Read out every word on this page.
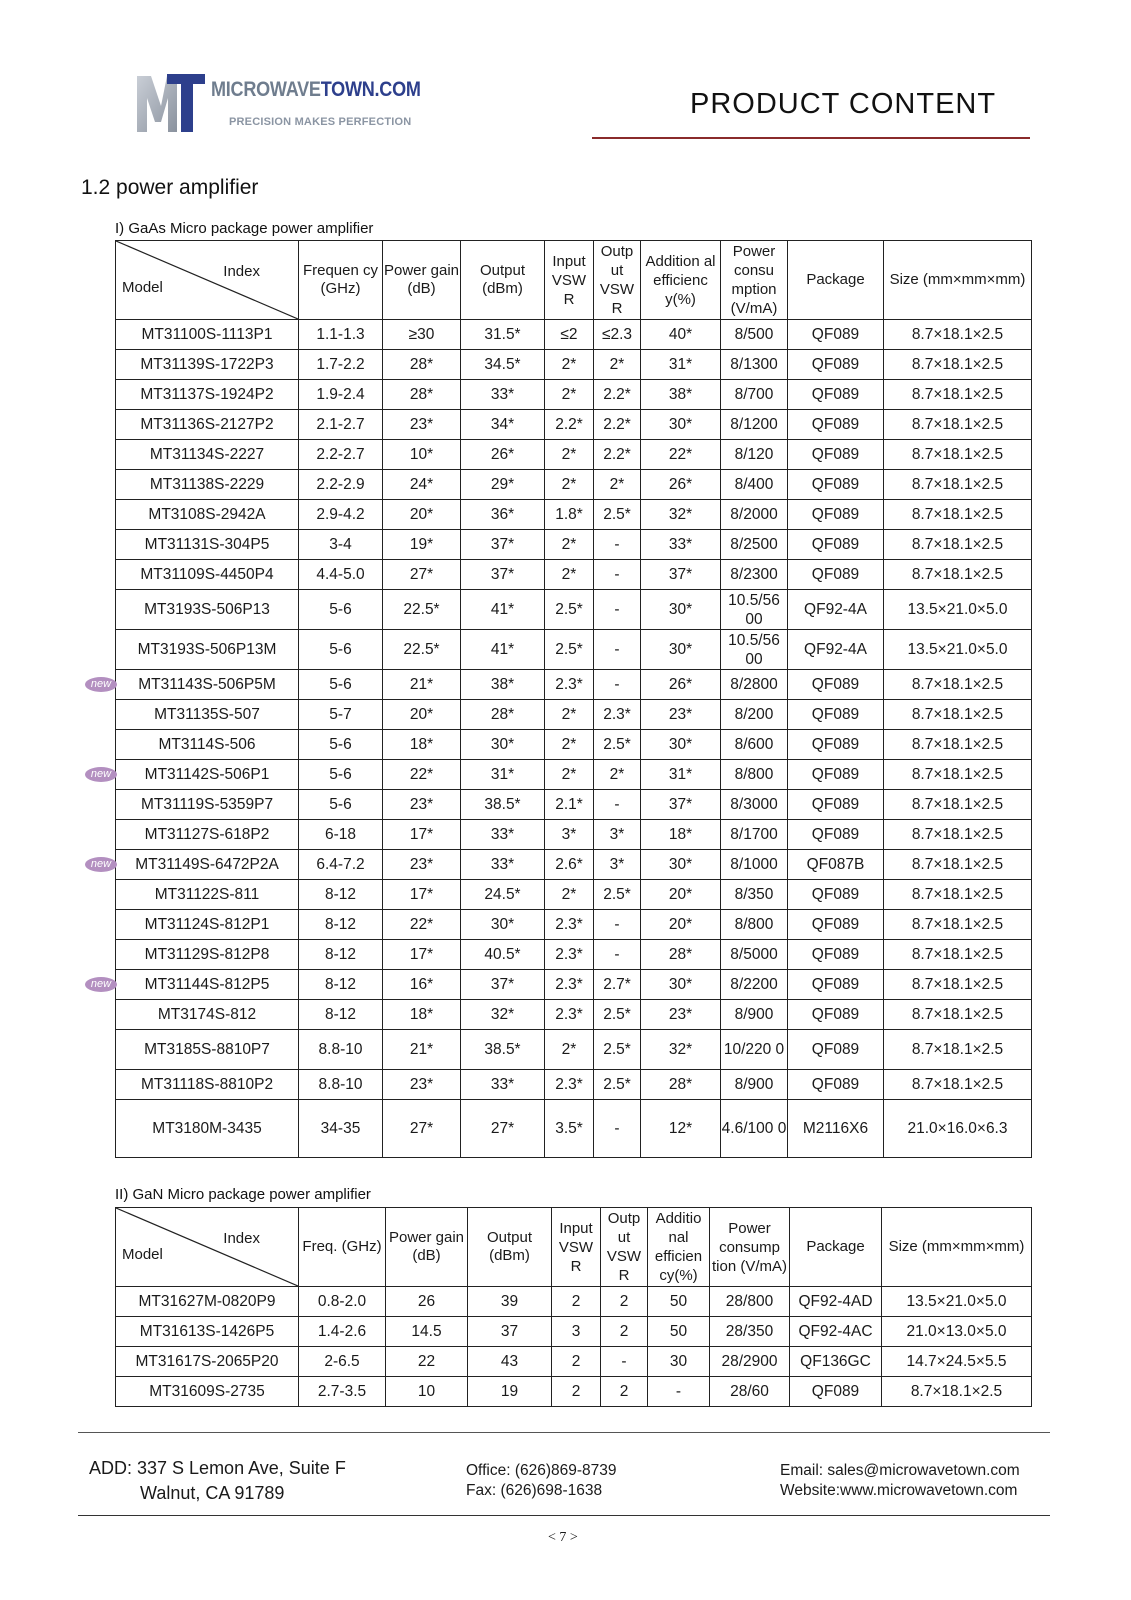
MICROWAVETOWN.COM
PRECISION MAKES PERFECTION
PRODUCT CONTENT
1.2 power amplifier
I) GaAs Micro package power amplifier
Index
Model	Frequen cy (GHz)	Power gain (dB)	Output (dBm)	Input VSW R	Outp ut VSW R	Addition al efficienc y(%)	Power consu mption (V/mA)	Package	Size (mm×mm×mm)
MT31100S-1113P1	1.1-1.3	≥30	31.5*	≤2	≤2.3	40*	8/500	QF089	8.7×18.1×2.5
MT31139S-1722P3	1.7-2.2	28*	34.5*	2*	2*	31*	8/1300	QF089	8.7×18.1×2.5
MT31137S-1924P2	1.9-2.4	28*	33*	2*	2.2*	38*	8/700	QF089	8.7×18.1×2.5
MT31136S-2127P2	2.1-2.7	23*	34*	2.2*	2.2*	30*	8/1200	QF089	8.7×18.1×2.5
MT31134S-2227	2.2-2.7	10*	26*	2*	2.2*	22*	8/120	QF089	8.7×18.1×2.5
MT31138S-2229	2.2-2.9	24*	29*	2*	2*	26*	8/400	QF089	8.7×18.1×2.5
MT3108S-2942A	2.9-4.2	20*	36*	1.8*	2.5*	32*	8/2000	QF089	8.7×18.1×2.5
MT31131S-304P5	3-4	19*	37*	2*	-	33*	8/2500	QF089	8.7×18.1×2.5
MT31109S-4450P4	4.4-5.0	27*	37*	2*	-	37*	8/2300	QF089	8.7×18.1×2.5
MT3193S-506P13	5-6	22.5*	41*	2.5*	-	30*	10.5/56 00	QF92-4A	13.5×21.0×5.0
MT3193S-506P13M	5-6	22.5*	41*	2.5*	-	30*	10.5/56 00	QF92-4A	13.5×21.0×5.0
MT31143S-506P5M	5-6	21*	38*	2.3*	-	26*	8/2800	QF089	8.7×18.1×2.5
MT31135S-507	5-7	20*	28*	2*	2.3*	23*	8/200	QF089	8.7×18.1×2.5
MT3114S-506	5-6	18*	30*	2*	2.5*	30*	8/600	QF089	8.7×18.1×2.5
MT31142S-506P1	5-6	22*	31*	2*	2*	31*	8/800	QF089	8.7×18.1×2.5
MT31119S-5359P7	5-6	23*	38.5*	2.1*	-	37*	8/3000	QF089	8.7×18.1×2.5
MT31127S-618P2	6-18	17*	33*	3*	3*	18*	8/1700	QF089	8.7×18.1×2.5
MT31149S-6472P2A	6.4-7.2	23*	33*	2.6*	3*	30*	8/1000	QF087B	8.7×18.1×2.5
MT31122S-811	8-12	17*	24.5*	2*	2.5*	20*	8/350	QF089	8.7×18.1×2.5
MT31124S-812P1	8-12	22*	30*	2.3*	-	20*	8/800	QF089	8.7×18.1×2.5
MT31129S-812P8	8-12	17*	40.5*	2.3*	-	28*	8/5000	QF089	8.7×18.1×2.5
MT31144S-812P5	8-12	16*	37*	2.3*	2.7*	30*	8/2200	QF089	8.7×18.1×2.5
MT3174S-812	8-12	18*	32*	2.3*	2.5*	23*	8/900	QF089	8.7×18.1×2.5
MT3185S-8810P7	8.8-10	21*	38.5*	2*	2.5*	32*	10/220 0	QF089	8.7×18.1×2.5
MT31118S-8810P2	8.8-10	23*	33*	2.3*	2.5*	28*	8/900	QF089	8.7×18.1×2.5
MT3180M-3435	34-35	27*	27*	3.5*	-	12*	4.6/100 0	M2116X6	21.0×16.0×6.3
II) GaN Micro package power amplifier
Index
Model	Freq. (GHz)	Power gain (dB)	Output (dBm)	Input VSW R	Outp ut VSW R	Additio nal efficien cy(%)	Power consump tion (V/mA)	Package	Size (mm×mm×mm)
MT31627M-0820P9	0.8-2.0	26	39	2	2	50	28/800	QF92-4AD	13.5×21.0×5.0
MT31613S-1426P5	1.4-2.6	14.5	37	3	2	50	28/350	QF92-4AC	21.0×13.0×5.0
MT31617S-2065P20	2-6.5	22	43	2	-	30	28/2900	QF136GC	14.7×24.5×5.5
MT31609S-2735	2.7-3.5	10	19	2	2	-	28/60	QF089	8.7×18.1×2.5
new
new
new
new
ADD: 337 S Lemon Ave, Suite F
Walnut, CA 91789
Office: (626)869-8739
Fax: (626)698-1638
Email: sales@microwavetown.com
Website:www.microwavetown.com
< 7 >
